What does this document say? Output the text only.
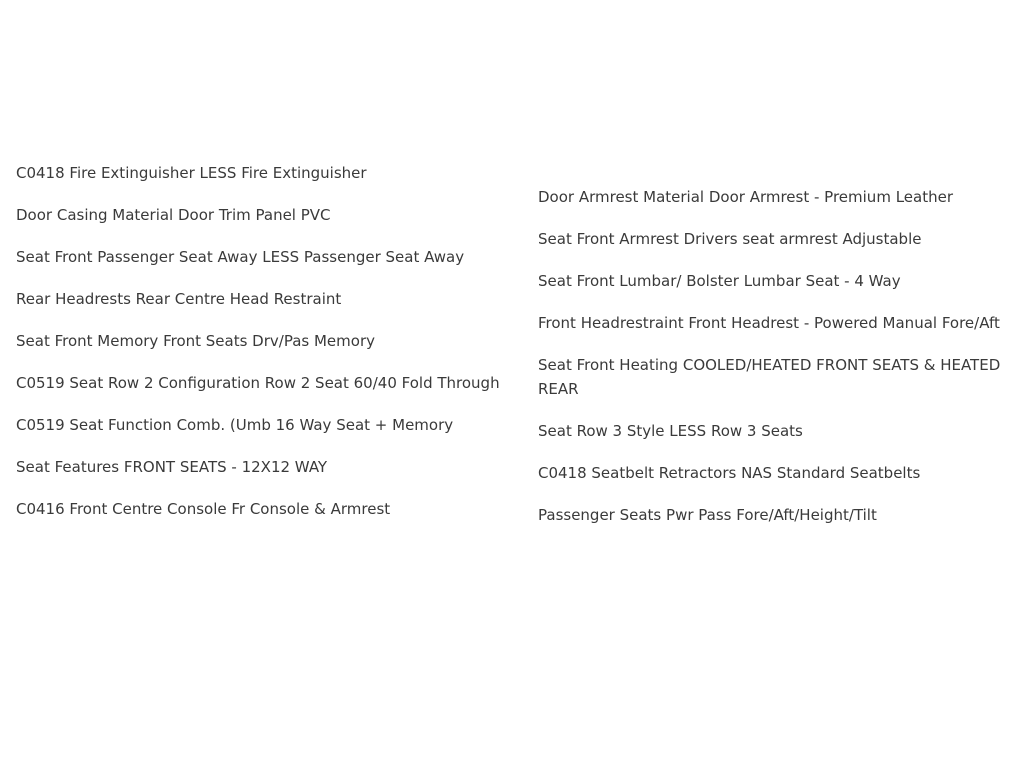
C0418 Fire Extinguisher LESS Fire Extinguisher
Door Casing Material Door Trim Panel PVC
Seat Front Passenger Seat Away LESS Passenger Seat Away
Rear Headrests Rear Centre Head Restraint
Seat Front Memory Front Seats Drv/Pas Memory
C0519 Seat Row 2 Configuration Row 2 Seat 60/40 Fold Through
C0519 Seat Function Comb. (Umb 16 Way Seat + Memory
Seat Features FRONT SEATS - 12X12 WAY
C0416 Front Centre Console Fr Console & Armrest
Door Armrest Material Door Armrest - Premium Leather
Seat Front Armrest Drivers seat armrest Adjustable
Seat Front Lumbar/ Bolster Lumbar Seat - 4 Way
Front Headrestraint Front Headrest - Powered Manual Fore/Aft
Seat Front Heating COOLED/HEATED FRONT SEATS & HEATED REAR
Seat Row 3 Style LESS Row 3 Seats
C0418 Seatbelt Retractors NAS Standard Seatbelts
Passenger Seats Pwr Pass Fore/Aft/Height/Tilt
